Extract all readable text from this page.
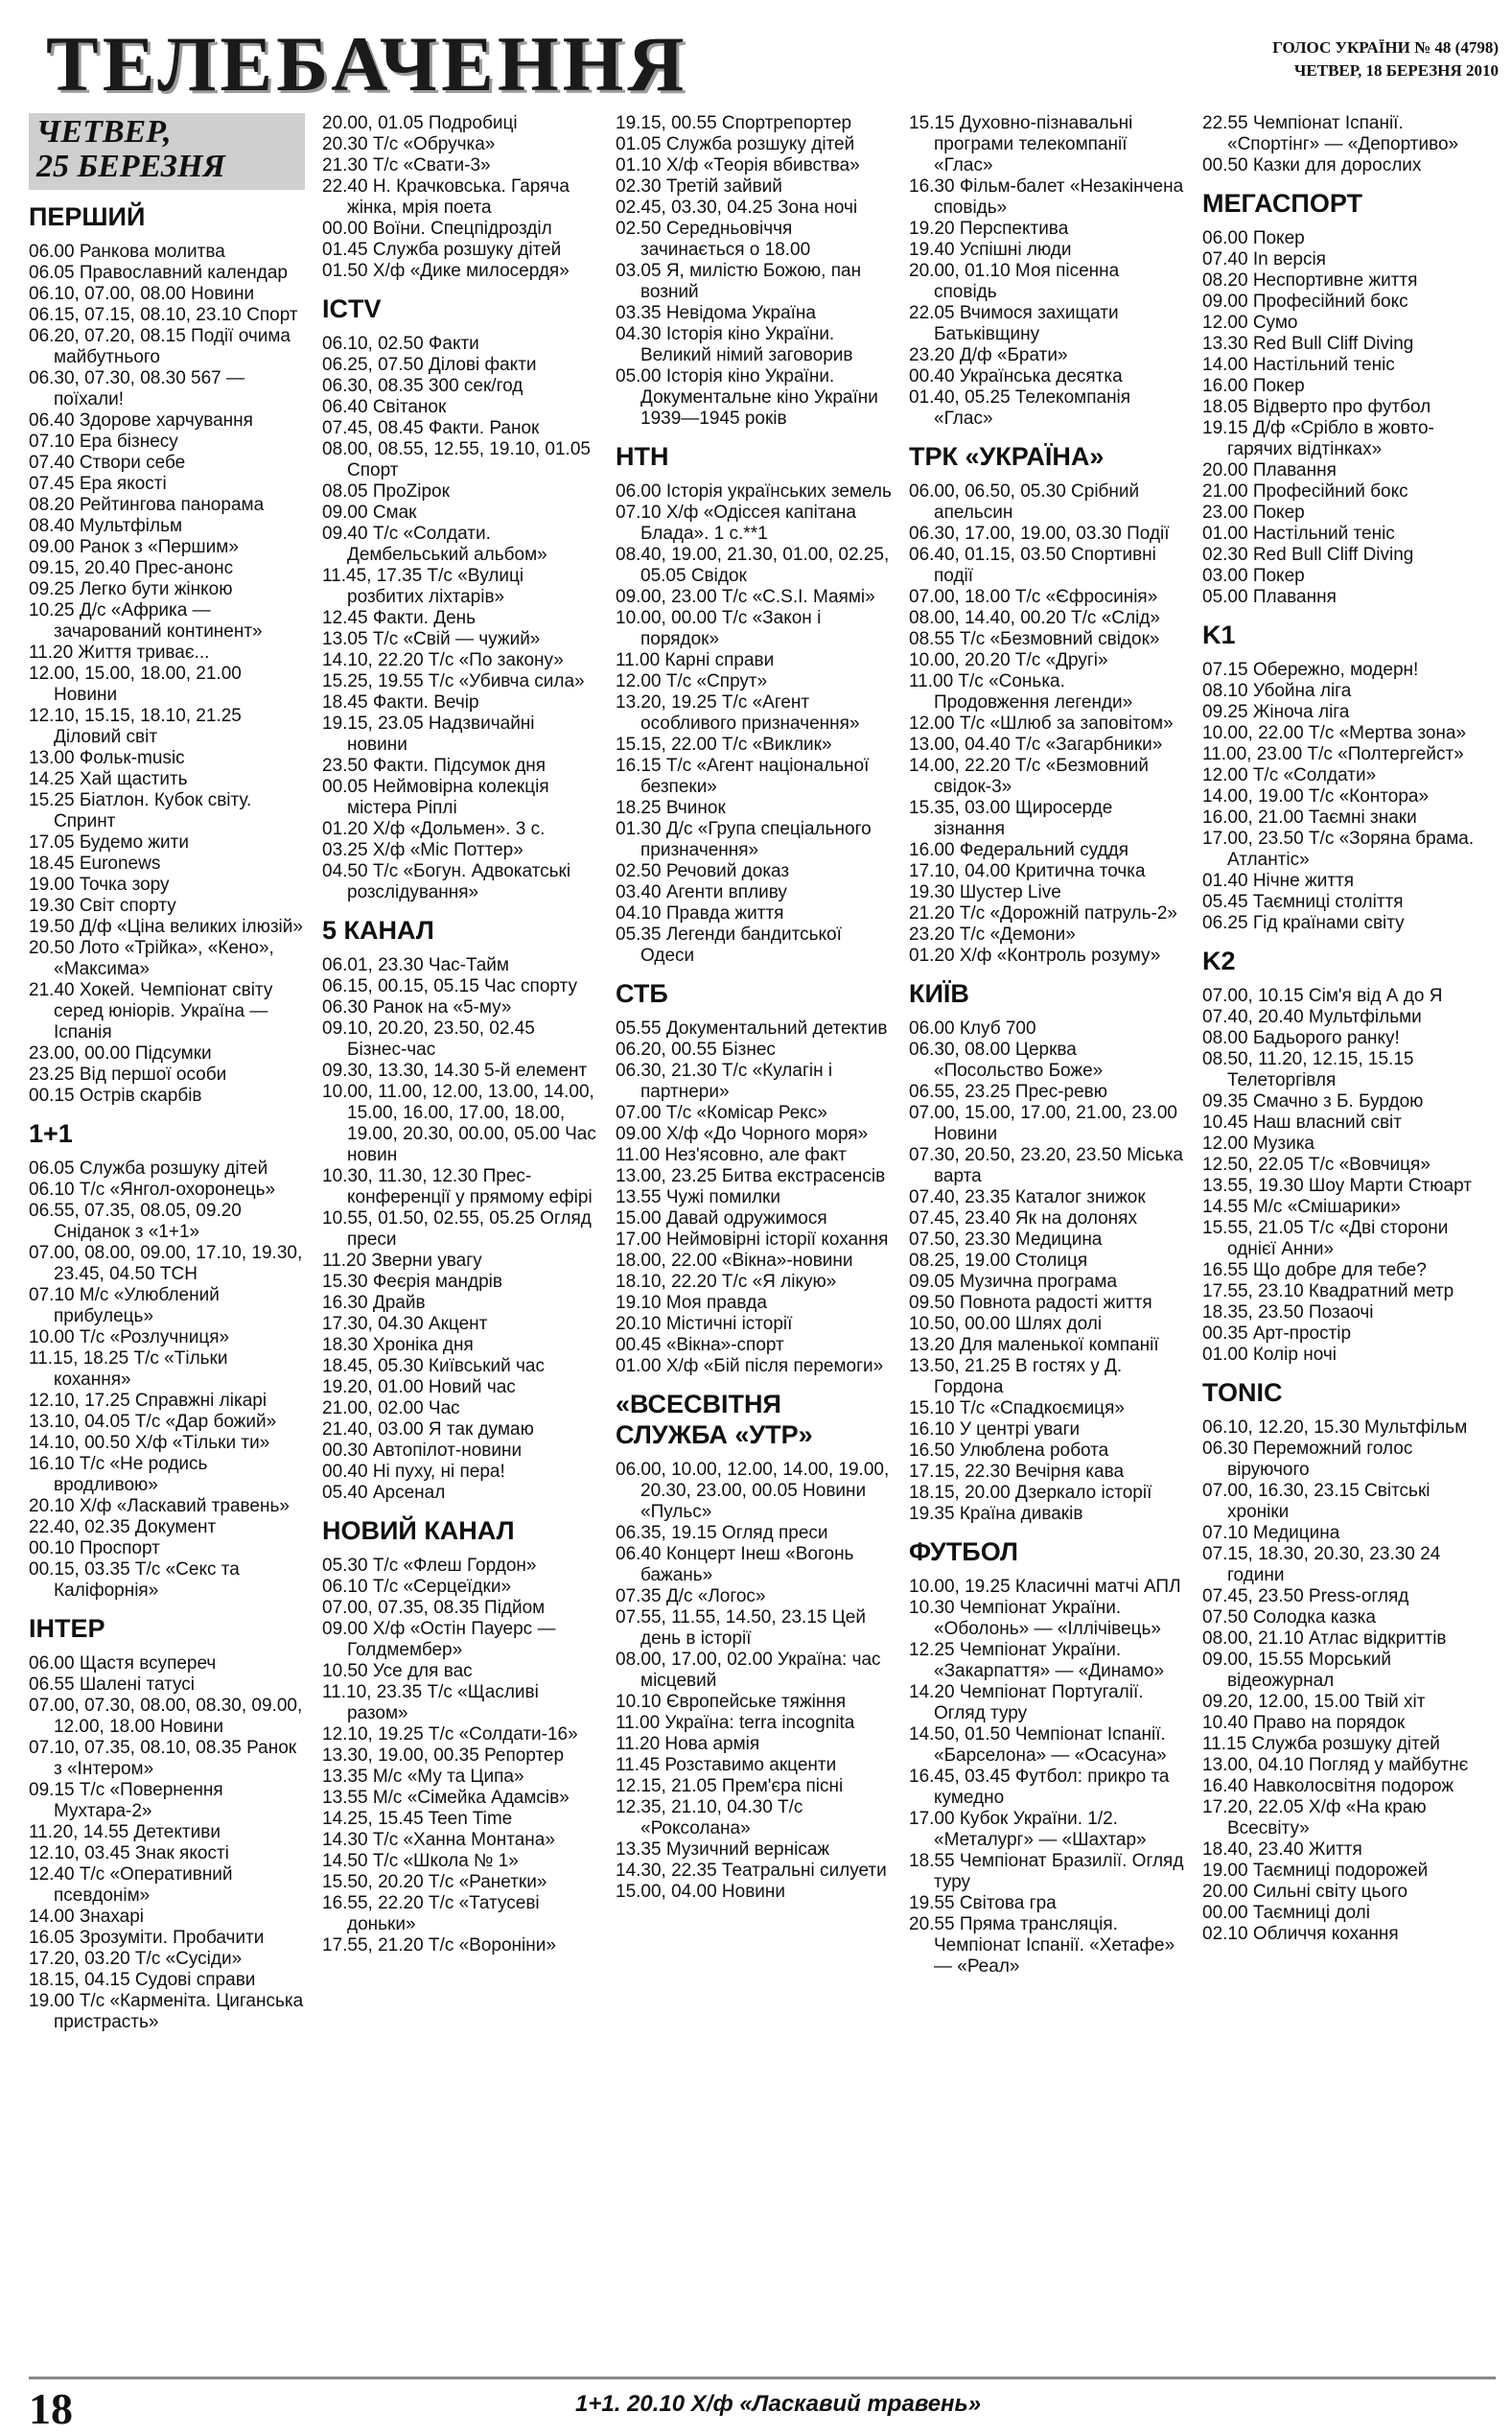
ТЕЛЕБАЧЕННЯ	ГОЛОС УКРАЇНИ № 48 (4798)
ЧЕТВЕР, 18 БЕРЕЗНЯ 2010
ЧЕТВЕР,
25 БЕРЕЗНЯ
ПЕРШИЙ
06.00 Ранкова молитва
06.05 Православний календар
06.10, 07.00, 08.00 Новини
06.15, 07.15, 08.10, 23.10 Спорт
06.20, 07.20, 08.15 Події очима майбутнього
06.30, 07.30, 08.30 567 — поїхали!
06.40 Здорове харчування
07.10 Ера бізнесу
07.40 Створи себе
07.45 Ера якості
08.20 Рейтингова панорама
08.40 Мультфільм
09.00 Ранок з «Першим»
09.15, 20.40 Прес-анонс
09.25 Легко бути жінкою
10.25 Д/с «Африка — зачарований континент»
11.20 Життя триває...
12.00, 15.00, 18.00, 21.00 Новини
12.10, 15.15, 18.10, 21.25 Діловий світ
13.00 Фольк-music
14.25 Хай щастить
15.25 Біатлон. Кубок світу. Спринт
17.05 Будемо жити
18.45 Euronews
19.00 Точка зору
19.30 Світ спорту
19.50 Д/ф «Ціна великих ілюзій»
20.50 Лото «Трійка», «Кено», «Максима»
21.40 Хокей. Чемпіонат світу серед юніорів. Україна — Іспанія
23.00, 00.00 Підсумки
23.25 Від першої особи
00.15 Острів скарбів
1+1
06.05 Служба розшуку дітей
06.10 Т/с «Янгол-охоронець»
06.55, 07.35, 08.05, 09.20 Сніданок з «1+1»
07.00, 08.00, 09.00, 17.10, 19.30, 23.45, 04.50 ТСН
07.10 М/с «Улюблений прибулець»
10.00 Т/с «Розлучниця»
11.15, 18.25 Т/с «Тільки кохання»
12.10, 17.25 Справжні лікарі
13.10, 04.05 Т/с «Дар божий»
14.10, 00.50 Х/ф «Тільки ти»
16.10 Т/с «Не родись вродливою»
20.10 Х/ф «Ласкавий травень»
22.40, 02.35 Документ
00.10 Проспорт
00.15, 03.35 Т/с «Секс та Каліфорнія»
ІНТЕР
06.00 Щастя всупереч
06.55 Шалені татусі
07.00, 07.30, 08.00, 08.30, 09.00, 12.00, 18.00 Новини
07.10, 07.35, 08.10, 08.35 Ранок з «Інтером»
09.15 Т/с «Повернення Мухтара-2»
11.20, 14.55 Детективи
12.10, 03.45 Знак якості
12.40 Т/с «Оперативний псевдонім»
14.00 Знахарі
16.05 Зрозуміти. Пробачити
17.20, 03.20 Т/с «Сусіди»
18.15, 04.15 Судові справи
19.00 Т/с «Карменіта. Циганська пристрасть»
20.00, 01.05 Подробиці
20.30 Т/с «Обручка»
21.30 Т/с «Свати-3»
22.40 Н. Крачковська. Гаряча жінка, мрія поета
00.00 Воїни. Спецпідрозділ
01.45 Служба розшуку дітей
01.50 Х/ф «Дике милосердя»
ICTV
06.10, 02.50 Факти
06.25, 07.50 Ділові факти
06.30, 08.35 300 сек/год
06.40 Світанок
07.45, 08.45 Факти. Ранок
08.00, 08.55, 12.55, 19.10, 01.05 Спорт
08.05 ПроZірок
09.00 Смак
09.40 Т/с «Солдати. Дембельський альбом»
11.45, 17.35 Т/с «Вулиці розбитих ліхтарів»
12.45 Факти. День
13.05 Т/с «Свій — чужий»
14.10, 22.20 Т/с «По закону»
15.25, 19.55 Т/с «Убивча сила»
18.45 Факти. Вечір
19.15, 23.05 Надзвичайні новини
23.50 Факти. Підсумок дня
00.05 Неймовірна колекція містера Ріплі
01.20 Х/ф «Дольмен». 3 с.
03.25 Х/ф «Міс Поттер»
04.50 Т/с «Богун. Адвокатські розслідування»
5 КАНАЛ
06.01, 23.30 Час-Тайм
06.15, 00.15, 05.15 Час спорту
06.30 Ранок на «5-му»
09.10, 20.20, 23.50, 02.45 Бізнес-час
09.30, 13.30, 14.30 5-й елемент
10.00, 11.00, 12.00, 13.00, 14.00, 15.00, 16.00, 17.00, 18.00, 19.00, 20.30, 00.00, 05.00 Час новин
10.30, 11.30, 12.30 Прес-конференції у прямому ефірі
10.55, 01.50, 02.55, 05.25 Огляд преси
11.20 Зверни увагу
15.30 Феєрія мандрів
16.30 Драйв
17.30, 04.30 Акцент
18.30 Хроніка дня
18.45, 05.30 Київський час
19.20, 01.00 Новий час
21.00, 02.00 Час
21.40, 03.00 Я так думаю
00.30 Автопілот-новини
00.40 Ні пуху, ні пера!
05.40 Арсенал
НОВИЙ КАНАЛ
05.30 Т/с «Флеш Гордон»
06.10 Т/с «Серцеїдки»
07.00, 07.35, 08.35 Підйом
09.00 Х/ф «Остін Пауерс — Голдмембер»
10.50 Усе для вас
11.10, 23.35 Т/с «Щасливі разом»
12.10, 19.25 Т/с «Солдати-16»
13.30, 19.00, 00.35 Репортер
13.35 М/с «Му та Ципа»
13.55 М/с «Сімейка Адамсів»
14.25, 15.45 Teen Time
14.30 Т/с «Ханна Монтана»
14.50 Т/с «Школа № 1»
15.50, 20.20 Т/с «Ранетки»
16.55, 22.20 Т/с «Татусеві доньки»
17.55, 21.20 Т/с «Вороніни»
19.15, 00.55 Спортрепортер
01.05 Служба розшуку дітей
01.10 Х/ф «Теорія вбивства»
02.30 Третій зайвий
02.45, 03.30, 04.25 Зона ночі
02.50 Середньовіччя зачинається о 18.00
03.05 Я, милістю Божою, пан возний
03.35 Невідома Україна
04.30 Історія кіно України. Великий німий заговорив
05.00 Історія кіно України. Документальне кіно України 1939—1945 років
НТН
06.00 Історія українських земель
07.10 Х/ф «Одіссея капітана Блада». 1 с.**1
08.40, 19.00, 21.30, 01.00, 02.25, 05.05 Свідок
09.00, 23.00 Т/с «C.S.I. Маямі»
10.00, 00.00 Т/с «Закон і порядок»
11.00 Карні справи
12.00 Т/с «Спрут»
13.20, 19.25 Т/с «Агент особливого призначення»
15.15, 22.00 Т/с «Виклик»
16.15 Т/с «Агент національної безпеки»
18.25 Вчинок
01.30 Д/с «Група спеціального призначення»
02.50 Речовий доказ
03.40 Агенти впливу
04.10 Правда життя
05.35 Легенди бандитської Одеси
СТБ
05.55 Документальний детектив
06.20, 00.55 Бізнес
06.30, 21.30 Т/с «Кулагін і партнери»
07.00 Т/с «Комісар Рекс»
09.00 Х/ф «До Чорного моря»
11.00 Нез'ясовно, але факт
13.00, 23.25 Битва екстрасенсів
13.55 Чужі помилки
15.00 Давай одружимося
17.00 Неймовірні історії кохання
18.00, 22.00 «Вікна»-новини
18.10, 22.20 Т/с «Я лікую»
19.10 Моя правда
20.10 Містичні історії
00.45 «Вікна»-спорт
01.00 Х/ф «Бій після перемоги»
«ВСЕСВІТНЯ СЛУЖБА «УТР»
06.00, 10.00, 12.00, 14.00, 19.00, 20.30, 23.00, 00.05 Новини «Пульс»
06.35, 19.15 Огляд преси
06.40 Концерт Інеш «Вогонь бажань»
07.35 Д/с «Логос»
07.55, 11.55, 14.50, 23.15 Цей день в історії
08.00, 17.00, 02.00 Україна: час місцевий
10.10 Європейське тяжіння
11.00 Україна: terra incognita
11.20 Нова армія
11.45 Розставимо акценти
12.15, 21.05 Прем'єра пісні
12.35, 21.10, 04.30 Т/с «Роксолана»
13.35 Музичний вернісаж
14.30, 22.35 Театральні силуети
15.00, 04.00 Новини
15.15 Духовно-пізнавальні програми телекомпанії «Глас»
16.30 Фільм-балет «Незакінчена сповідь»
19.20 Перспектива
19.40 Успішні люди
20.00, 01.10 Моя пісенна сповідь
22.05 Вчимося захищати Батьківщину
23.20 Д/ф «Брати»
00.40 Українська десятка
01.40, 05.25 Телекомпанія «Глас»
ТРК «УКРАЇНА»
06.00, 06.50, 05.30 Срібний апельсин
06.30, 17.00, 19.00, 03.30 Події
06.40, 01.15, 03.50 Спортивні події
07.00, 18.00 Т/с «Єфросинія»
08.00, 14.40, 00.20 Т/с «Слід»
08.55 Т/с «Безмовний свідок»
10.00, 20.20 Т/с «Другі»
11.00 Т/с «Сонька. Продовження легенди»
12.00 Т/с «Шлюб за заповітом»
13.00, 04.40 Т/с «Загарбники»
14.00, 22.20 Т/с «Безмовний свідок-3»
15.35, 03.00 Щиросерде зізнання
16.00 Федеральний суддя
17.10, 04.00 Критична точка
19.30 Шустер Live
21.20 Т/с «Дорожній патруль-2»
23.20 Т/с «Демони»
01.20 Х/ф «Контроль розуму»
КИЇВ
06.00 Клуб 700
06.30, 08.00 Церква «Посольство Боже»
06.55, 23.25 Прес-ревю
07.00, 15.00, 17.00, 21.00, 23.00 Новини
07.30, 20.50, 23.20, 23.50 Міська варта
07.40, 23.35 Каталог знижок
07.45, 23.40 Як на долонях
07.50, 23.30 Медицина
08.25, 19.00 Столиця
09.05 Музична програма
09.50 Повнота радості життя
10.50, 00.00 Шлях долі
13.20 Для маленької компанії
13.50, 21.25 В гостях у Д. Гордона
15.10 Т/с «Спадкоємиця»
16.10 У центрі уваги
16.50 Улюблена робота
17.15, 22.30 Вечірня кава
18.15, 20.00 Дзеркало історії
19.35 Країна диваків
ФУТБОЛ
10.00, 19.25 Класичні матчі АПЛ
10.30 Чемпіонат України. «Оболонь» — «Іллічівець»
12.25 Чемпіонат України. «Закарпаття» — «Динамо»
14.20 Чемпіонат Португалії. Огляд туру
14.50, 01.50 Чемпіонат Іспанії. «Барселона» — «Осасуна»
16.45, 03.45 Футбол: прикро та кумедно
17.00 Кубок України. 1/2. «Металург» — «Шахтар»
18.55 Чемпіонат Бразилії. Огляд туру
19.55 Світова гра
20.55 Пряма трансляція. Чемпіонат Іспанії. «Хетафе» — «Реал»
22.55 Чемпіонат Іспанії. «Спортінг» — «Депортиво»
00.50 Казки для дорослих
МЕГАСПОРТ
06.00 Покер
07.40 In версія
08.20 Неспортивне життя
09.00 Професійний бокс
12.00 Сумо
13.30 Red Bull Cliff Diving
14.00 Настільний теніс
16.00 Покер
18.05 Відверто про футбол
19.15 Д/ф «Срібло в жовто-гарячих відтінках»
20.00 Плавання
21.00 Професійний бокс
23.00 Покер
01.00 Настільний теніс
02.30 Red Bull Cliff Diving
03.00 Покер
05.00 Плавання
K1
07.15 Обережно, модерн!
08.10 Убойна ліга
09.25 Жіноча ліга
10.00, 22.00 Т/с «Мертва зона»
11.00, 23.00 Т/с «Полтергейст»
12.00 Т/с «Солдати»
14.00, 19.00 Т/с «Контора»
16.00, 21.00 Таємні знаки
17.00, 23.50 Т/с «Зоряна брама. Атлантіс»
01.40 Нічне життя
05.45 Таємниці століття
06.25 Гід країнами світу
K2
07.00, 10.15 Сім'я від А до Я
07.40, 20.40 Мультфільми
08.00 Бадьорого ранку!
08.50, 11.20, 12.15, 15.15 Телеторгівля
09.35 Смачно з Б. Бурдою
10.45 Наш власний світ
12.00 Музика
12.50, 22.05 Т/с «Вовчиця»
13.55, 19.30 Шоу Марти Стюарт
14.55 М/с «Смішарики»
15.55, 21.05 Т/с «Дві сторони однієї Анни»
16.55 Що добре для тебе?
17.55, 23.10 Квадратний метр
18.35, 23.50 Позаочі
00.35 Арт-простір
01.00 Колір ночі
TONIC
06.10, 12.20, 15.30 Мультфільм
06.30 Переможний голос віруючого
07.00, 16.30, 23.15 Світські хроніки
07.10 Медицина
07.15, 18.30, 20.30, 23.30 24 години
07.45, 23.50 Press-огляд
07.50 Солодка казка
08.00, 21.10 Атлас відкриттів
09.00, 15.55 Морський відеожурнал
09.20, 12.00, 15.00 Твій хіт
10.40 Право на порядок
11.15 Служба розшуку дітей
13.00, 04.10 Погляд у майбутнє
16.40 Навколосвітня подорож
17.20, 22.05 Х/ф «На краю Всесвіту»
18.40, 23.40 Життя
19.00 Таємниці подорожей
20.00 Сильні світу цього
00.00 Таємниці долі
02.10 Обличчя кохання
18	1+1. 20.10 Х/ф «Ласкавий травень»
